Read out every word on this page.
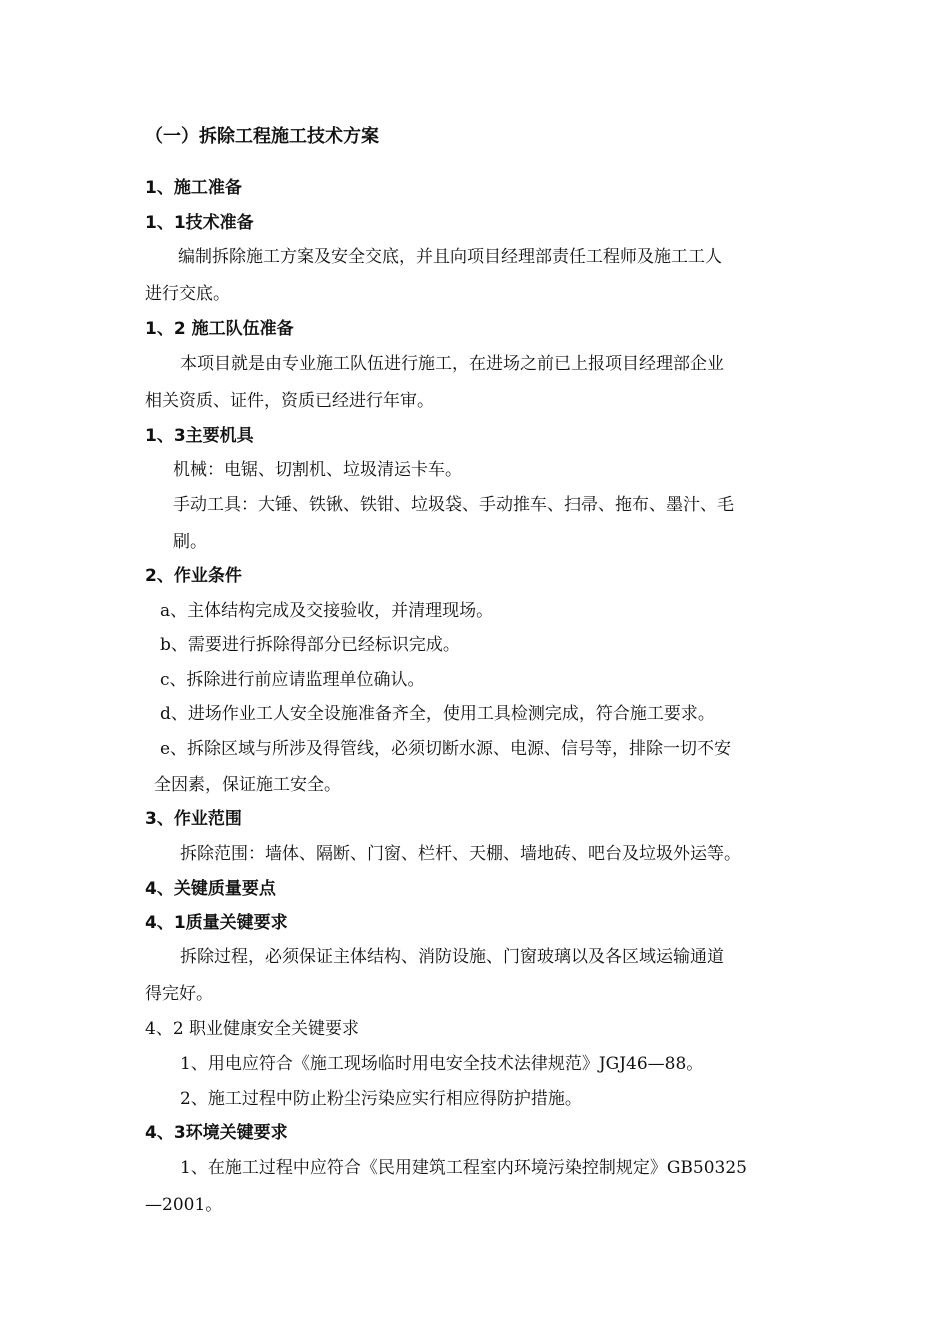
（一）拆除工程施工技术方案
1、施工准备
1、1技术准备
编制拆除施工方案及安全交底，并且向项目经理部责任工程师及施工工人
进行交底。
1、2 施工队伍准备
本项目就是由专业施工队伍进行施工，在进场之前已上报项目经理部企业
相关资质、证件，资质已经进行年审。
1、3主要机具
机械：电锯、切割机、垃圾清运卡车。
手动工具：大锤、铁锹、铁钳、垃圾袋、手动推车、扫帚、拖布、墨汁、毛
刷。
2、作业条件
a、主体结构完成及交接验收，并清理现场。
b、需要进行拆除得部分已经标识完成。
c、拆除进行前应请监理单位确认。
d、进场作业工人安全设施准备齐全，使用工具检测完成，符合施工要求。
e、拆除区域与所涉及得管线，必须切断水源、电源、信号等，排除一切不安
全因素，保证施工安全。
3、作业范围
拆除范围：墙体、隔断、门窗、栏杆、天棚、墙地砖、吧台及垃圾外运等。
4、关键质量要点
4、1质量关键要求
拆除过程，必须保证主体结构、消防设施、门窗玻璃以及各区域运输通道
得完好。
4、2 职业健康安全关键要求
1、用电应符合《施工现场临时用电安全技术法律规范》JGJ46—88。
2、施工过程中防止粉尘污染应实行相应得防护措施。
4、3环境关键要求
1、在施工过程中应符合《民用建筑工程室内环境污染控制规定》GB50325
—2001。
